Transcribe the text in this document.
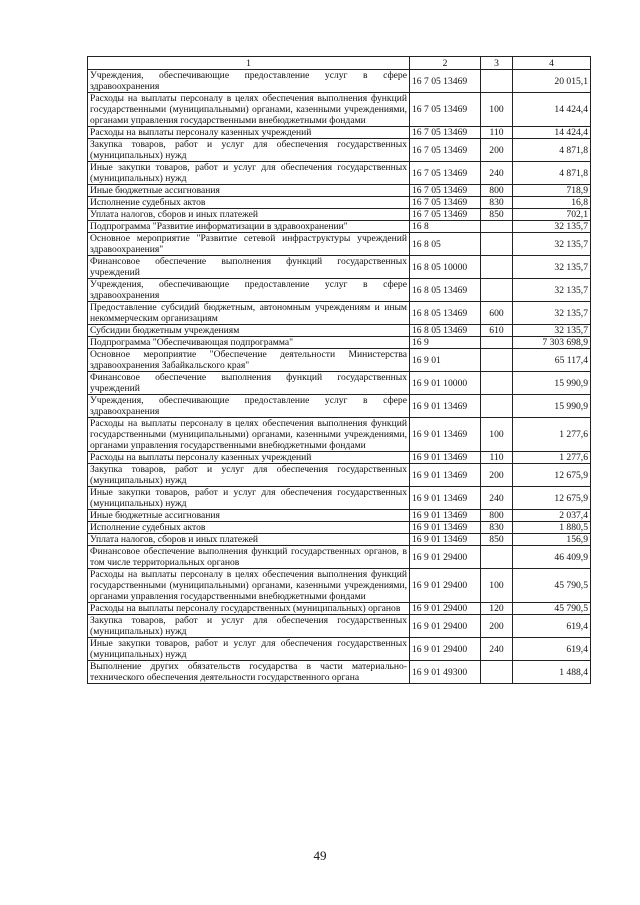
1	2	3	4
Учреждения, обеспечивающие предоставление услуг в сфере здравоохранения	16 7 05 13469		20 015,1
Расходы на выплаты персоналу в целях обеспечения выполнения функций государственными (муниципальными) органами, казенными учреждениями, органами управления государственными внебюджетными фондами	16 7 05 13469	100	14 424,4
Расходы на выплаты персоналу казенных учреждений	16 7 05 13469	110	14 424,4
Закупка товаров, работ и услуг для обеспечения государственных (муниципальных) нужд	16 7 05 13469	200	4 871,8
Иные закупки товаров, работ и услуг для обеспечения государственных (муниципальных) нужд	16 7 05 13469	240	4 871,8
Иные бюджетные ассигнования	16 7 05 13469	800	718,9
Исполнение судебных актов	16 7 05 13469	830	16,8
Уплата налогов, сборов и иных платежей	16 7 05 13469	850	702,1
Подпрограмма "Развитие информатизации в здравоохранении"	16 8		32 135,7
Основное мероприятие "Развитие сетевой инфраструктуры учреждений здравоохранения"	16 8 05		32 135,7
Финансовое обеспечение выполнения функций государственных учреждений	16 8 05 10000		32 135,7
Учреждения, обеспечивающие предоставление услуг в сфере здравоохранения	16 8 05 13469		32 135,7
Предоставление субсидий бюджетным, автономным учреждениям и иным некоммерческим организациям	16 8 05 13469	600	32 135,7
Субсидии бюджетным учреждениям	16 8 05 13469	610	32 135,7
Подпрограмма "Обеспечивающая подпрограмма"	16 9		7 303 698,9
Основное мероприятие "Обеспечение деятельности Министерства здравоохранения Забайкальского края"	16 9 01		65 117,4
Финансовое обеспечение выполнения функций государственных учреждений	16 9 01 10000		15 990,9
Учреждения, обеспечивающие предоставление услуг в сфере здравоохранения	16 9 01 13469		15 990,9
Расходы на выплаты персоналу в целях обеспечения выполнения функций государственными (муниципальными) органами, казенными учреждениями, органами управления государственными внебюджетными фондами	16 9 01 13469	100	1 277,6
Расходы на выплаты персоналу казенных учреждений	16 9 01 13469	110	1 277,6
Закупка товаров, работ и услуг для обеспечения государственных (муниципальных) нужд	16 9 01 13469	200	12 675,9
Иные закупки товаров, работ и услуг для обеспечения государственных (муниципальных) нужд	16 9 01 13469	240	12 675,9
Иные бюджетные ассигнования	16 9 01 13469	800	2 037,4
Исполнение судебных актов	16 9 01 13469	830	1 880,5
Уплата налогов, сборов и иных платежей	16 9 01 13469	850	156,9
Финансовое обеспечение выполнения функций государственных органов, в том числе территориальных органов	16 9 01 29400		46 409,9
Расходы на выплаты персоналу в целях обеспечения выполнения функций государственными (муниципальными) органами, казенными учреждениями, органами управления государственными внебюджетными фондами	16 9 01 29400	100	45 790,5
Расходы на выплаты персоналу государственных (муниципальных) органов	16 9 01 29400	120	45 790,5
Закупка товаров, работ и услуг для обеспечения государственных (муниципальных) нужд	16 9 01 29400	200	619,4
Иные закупки товаров, работ и услуг для обеспечения государственных (муниципальных) нужд	16 9 01 29400	240	619,4
Выполнение других обязательств государства в части материально-технического обеспечения деятельности государственного органа	16 9 01 49300		1 488,4
49
